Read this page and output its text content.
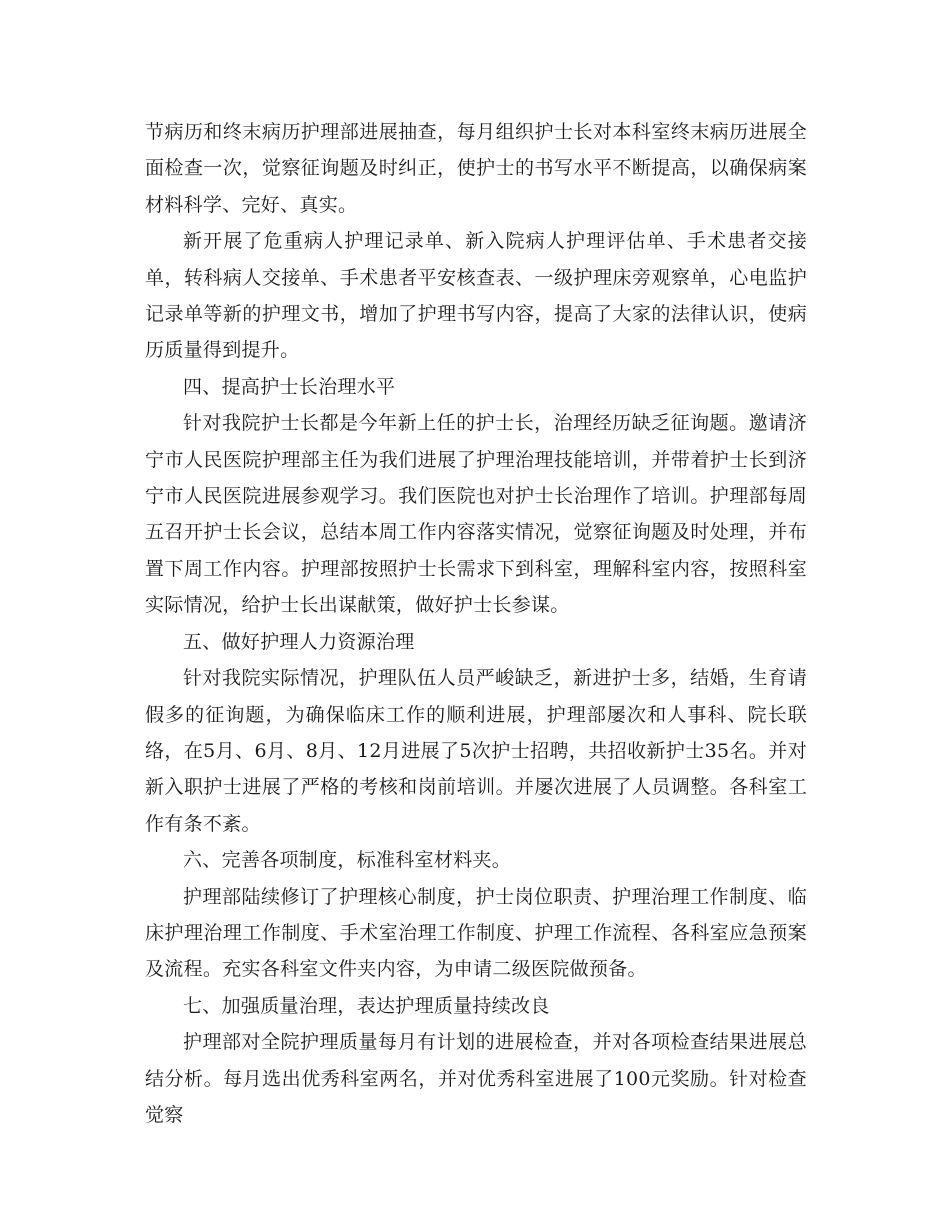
节病历和终末病历护理部进展抽查，每月组织护士长对本科室终末病历进展全面检查一次，觉察征询题及时纠正，使护士的书写水平不断提高，以确保病案材料科学、完好、真实。

新开展了危重病人护理记录单、新入院病人护理评估单、手术患者交接单，转科病人交接单、手术患者平安核查表、一级护理床旁观察单，心电监护记录单等新的护理文书，增加了护理书写内容，提高了大家的法律认识，使病历质量得到提升。

四、提高护士长治理水平

针对我院护士长都是今年新上任的护士长，治理经历缺乏征询题。邀请济宁市人民医院护理部主任为我们进展了护理治理技能培训，并带着护士长到济宁市人民医院进展参观学习。我们医院也对护士长治理作了培训。护理部每周五召开护士长会议，总结本周工作内容落实情况，觉察征询题及时处理，并布置下周工作内容。护理部按照护士长需求下到科室，理解科室内容，按照科室实际情况，给护士长出谋献策，做好护士长参谋。

五、做好护理人力资源治理

针对我院实际情况，护理队伍人员严峻缺乏，新进护士多，结婚，生育请假多的征询题，为确保临床工作的顺利进展，护理部屡次和人事科、院长联络，在5月、6月、8月、12月进展了5次护士招聘，共招收新护士35名。并对新入职护士进展了严格的考核和岗前培训。并屡次进展了人员调整。各科室工作有条不紊。

六、完善各项制度，标准科室材料夹。

护理部陆续修订了护理核心制度，护士岗位职责、护理治理工作制度、临床护理治理工作制度、手术室治理工作制度、护理工作流程、各科室应急预案及流程。充实各科室文件夹内容，为申请二级医院做预备。

七、加强质量治理，表达护理质量持续改良

护理部对全院护理质量每月有计划的进展检查，并对各项检查结果进展总结分析。每月选出优秀科室两名，并对优秀科室进展了100元奖励。针对检查觉察
